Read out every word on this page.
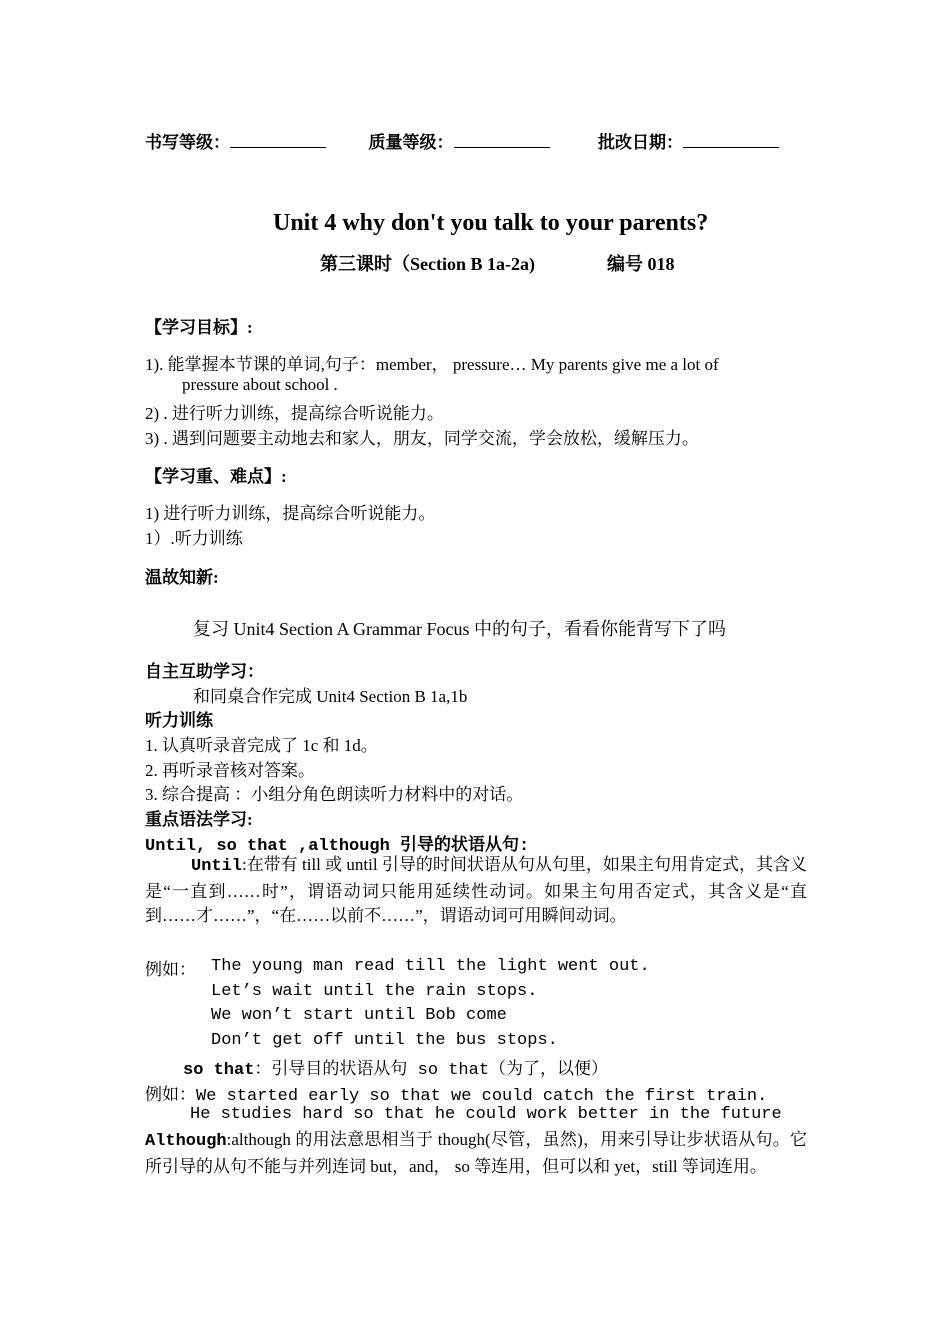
书写等级：	质量等级：	批改日期：
Unit 4 why don't you talk to your parents?
第三课时（Section B 1a-2a)	编号 018
【学习目标】:
1). 能掌握本节课的单词,句子：member， pressure… My parents give me a lot of
pressure about school .
2) . 进行听力训练，提高综合听说能力。
3) . 遇到问题要主动地去和家人，朋友，同学交流，学会放松，缓解压力。
【学习重、难点】:
1) 进行听力训练，提高综合听说能力。
1）.听力训练
温故知新:
复习 Unit4 Section A Grammar Focus 中的句子，看看你能背写下了吗
自主互助学习：
和同桌合作完成 Unit4 Section B 1a,1b
听力训练
1. 认真听录音完成了 1c 和 1d。
2. 再听录音核对答案。
3. 综合提高 ：小组分角色朗读听力材料中的对话。
重点语法学习:
Until, so that ,although 引导的状语从句:
Until:在带有 till 或 until 引导的时间状语从句从句里，如果主句用肯定式，其含义是“一直到……时”，谓语动词只能用延续性动词。如果主句用否定式，其含义是“直到……才……”，“在……以前不……”，谓语动词可用瞬间动词。
例如： The young man read till the light went out.
Let’s wait until the rain stops.
We won’t start until Bob come
Don’t get off until the bus stops.
so that：引导目的状语从句 so that（为了，以便）
例如：We started early so that we could catch the first train.
He studies hard so that he could work better in the future
Although:although 的用法意思相当于 though(尽管，虽然)，用来引导让步状语从句。它所引导的从句不能与并列连词 but，and， so 等连用，但可以和 yet，still 等词连用。
